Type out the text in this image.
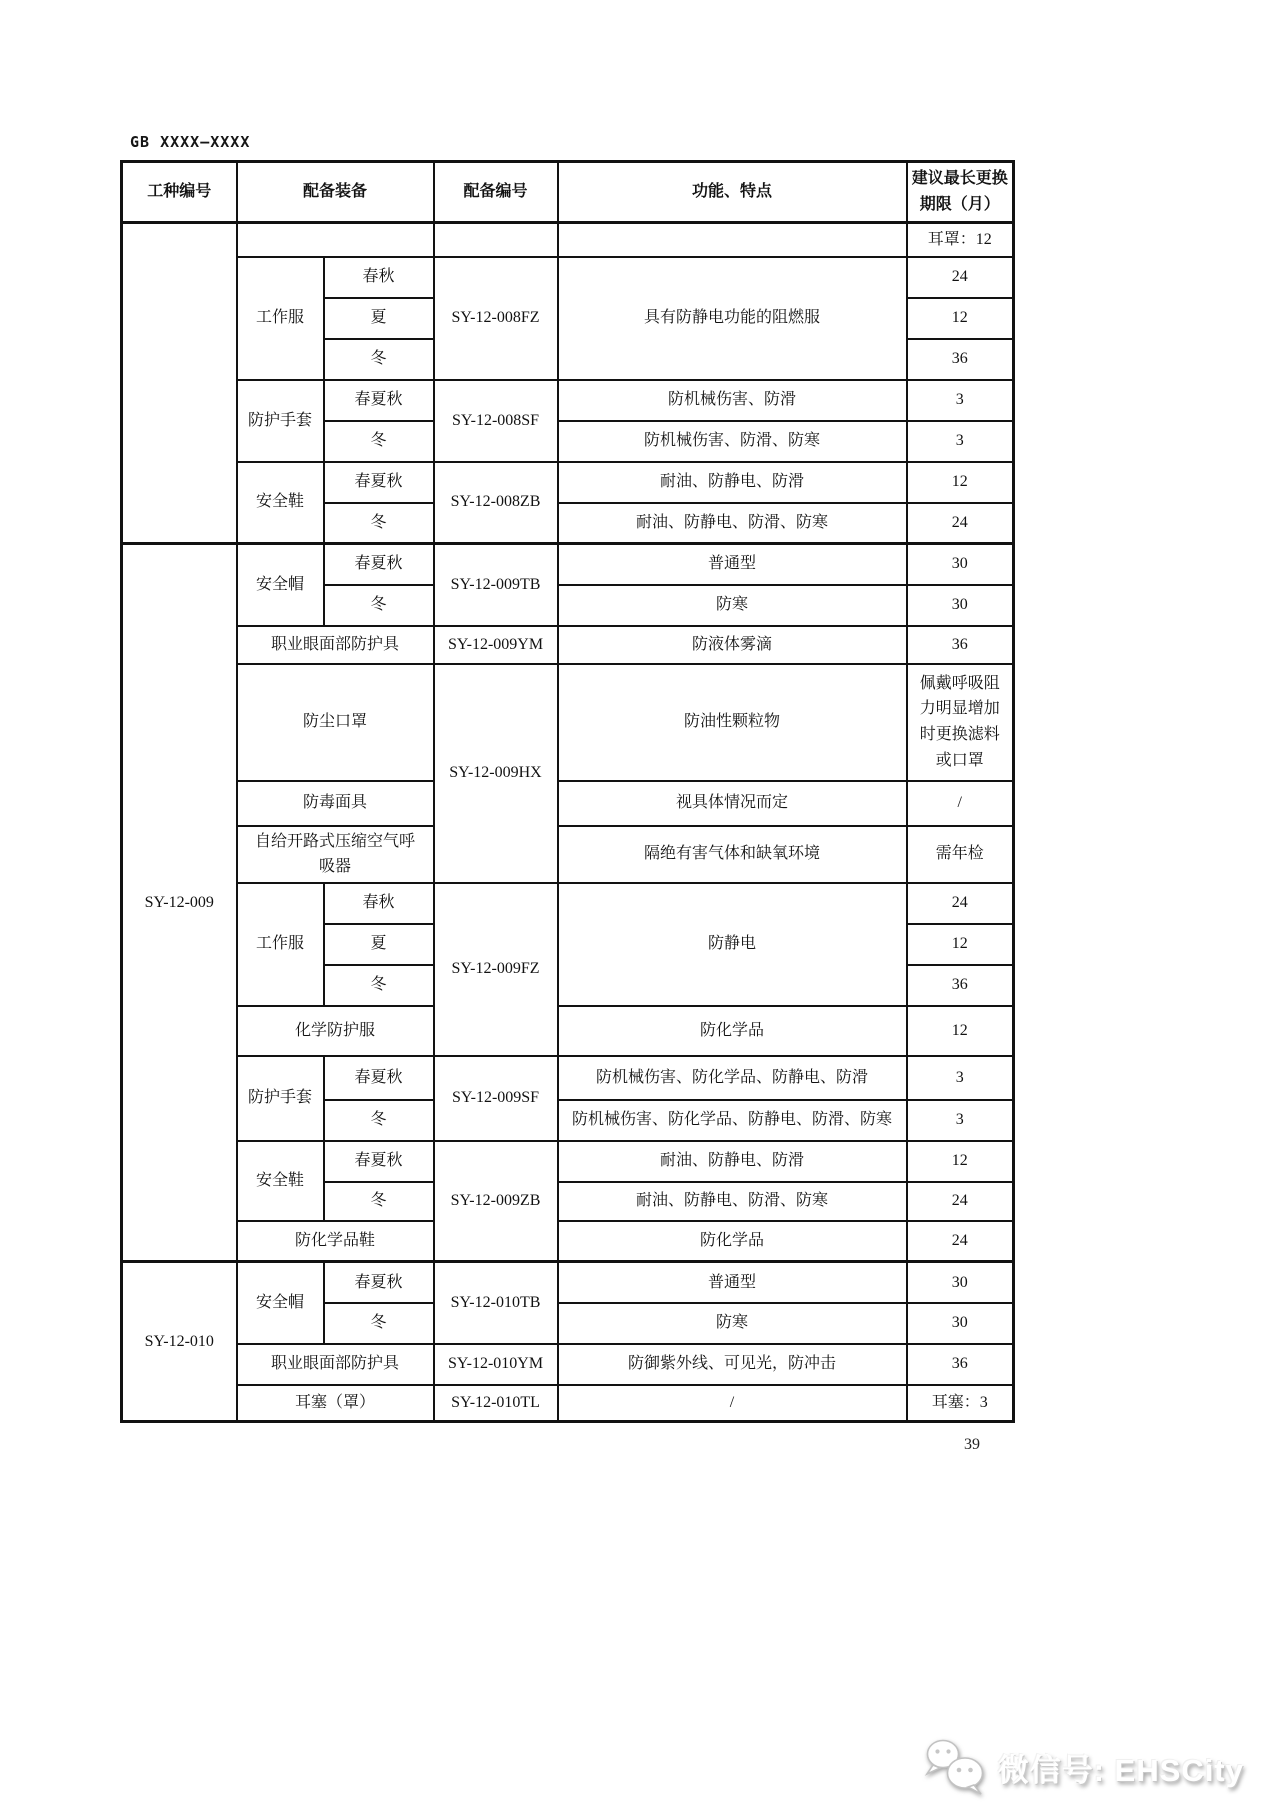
GB XXXX—XXXX
工种编号	配备装备		配备编号	功能、特点	建议最长更换期限（月）
					耳罩：12
	工作服	春秋	SY-12-008FZ	具有防静电功能的阻燃服	24
		夏			12
		冬			36
	防护手套	春夏秋	SY-12-008SF	防机械伤害、防滑	3
		冬		防机械伤害、防滑、防寒	3
	安全鞋	春夏秋	SY-12-008ZB	耐油、防静电、防滑	12
		冬		耐油、防静电、防滑、防寒	24
SY-12-009	安全帽	春夏秋	SY-12-009TB	普通型	30
		冬		防寒	30
	职业眼面部防护具		SY-12-009YM	防液体雾滴	36
	防尘口罩		SY-12-009HX	防油性颗粒物	佩戴呼吸阻力明显增加时更换滤料或口罩
	防毒面具			视具体情况而定	/
	自给开路式压缩空气呼吸器			隔绝有害气体和缺氧环境	需年检
	工作服	春秋	SY-12-009FZ	防静电	24
		夏			12
		冬			36
	化学防护服			防化学品	12
	防护手套	春夏秋	SY-12-009SF	防机械伤害、防化学品、防静电、防滑	3
		冬		防机械伤害、防化学品、防静电、防滑、防寒	3
	安全鞋	春夏秋	SY-12-009ZB	耐油、防静电、防滑	12
		冬		耐油、防静电、防滑、防寒	24
	防化学品鞋			防化学品	24
SY-12-010	安全帽	春夏秋	SY-12-010TB	普通型	30
		冬		防寒	30
	职业眼面部防护具		SY-12-010YM	防御紫外线、可见光，防冲击	36
	耳塞（罩）		SY-12-010TL	/	耳塞：3
39
微信号: EHSCity
